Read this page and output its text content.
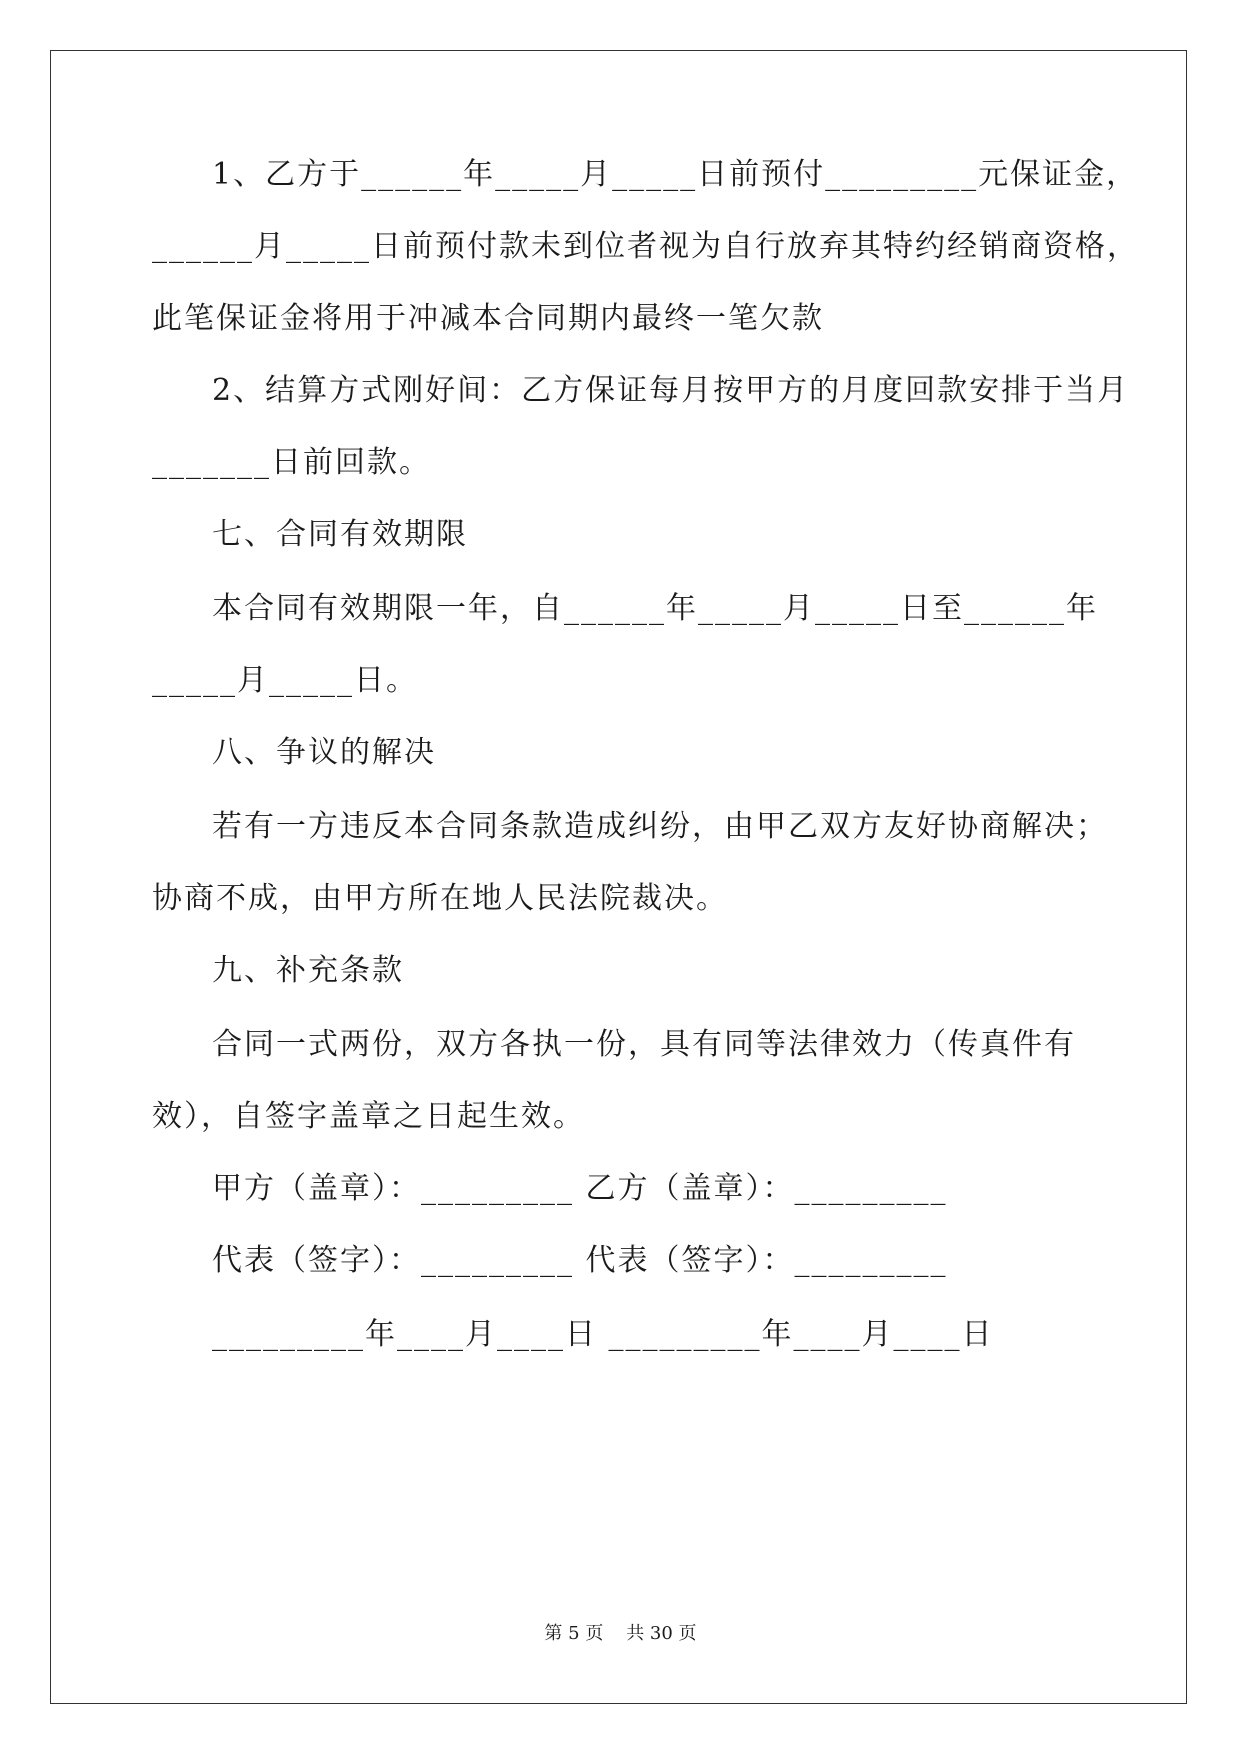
1、乙方于______年_____月_____日前预付_________元保证金，
______月_____日前预付款未到位者视为自行放弃其特约经销商资格，
此笔保证金将用于冲减本合同期内最终一笔欠款
2、结算方式刚好间：乙方保证每月按甲方的月度回款安排于当月
_______日前回款。
七、合同有效期限
本合同有效期限一年，自______年_____月_____日至______年
_____月_____日。
八、争议的解决
若有一方违反本合同条款造成纠纷，由甲乙双方友好协商解决；
协商不成，由甲方所在地人民法院裁决。
九、补充条款
合同一式两份，双方各执一份，具有同等法律效力（传真件有
效），自签字盖章之日起生效。
甲方（盖章）：_________ 乙方（盖章）：_________
代表（签字）：_________ 代表（签字）：_________
_________年____月____日 _________年____月____日
第 5 页    共 30 页
